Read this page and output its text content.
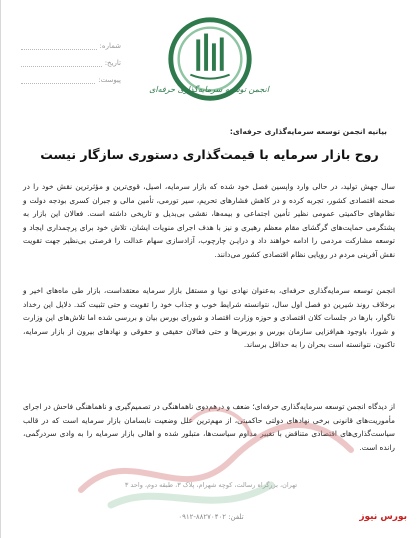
شماره:
تاریخ:
پیوست:
انجمن توسعه سرمایه‌گذاری حرفه‌ای
بیانیه انجمن توسعه سرمایه‌گذاری حرفه‌ای:
روح بازار سرمایه با قیمت‌گذاری دستوری سازگار نیست
سال جهش تولید، در حالی وارد واپسین فصل خود شده که بازار سرمایه، اصیل، قوی‌ترین و مؤثرترین نقش خود را در صحنه اقتصادی کشور، تجربه کرده و در کاهش فشارهای تحریم، سیر تورمی، تأمین مالی و جبران کسری بودجه دولت و نظام‌های حاکمیتی عمومی نظیر تأمین اجتماعی و بیمه‌ها، نقشی بی‌بدیل و تاریخی داشته است. فعالان این بازار به پشتگرمی حمایت‌های گرگشای مقام معظم رهبری و نیز با هدف اجرای منویات ایشان، تلاش خود برای پرچمداری ایجاد و توسعه مشارکت مردمی را ادامه خواهند داد و درایـن چارچوب، آزادسازی سهام عدالت را فرصتی بی‌نظیر جهت تقویت نقش آفرینی مردم در رویایی نظام اقتصادی کشور می‌دانند.
انجمن توسعه سرمایه‌گذاری حرفه‌ای، به‌عنوان نهادی نوپا و مستقل بازار سرمایه معتقداست، بازار طی ماه‌های اخیر و برخلاف روند شیرین دو فصل اول سال، نتوانسته شرایط خوب و جذاب خود را تقویت و حتی تثبیت کند. دلایل این رخداد ناگوار، بارها در جلسات کلان اقتصادی و حوزه وزارت اقتصاد و شورای بورس بیان و بررسی شده اما تلاش‌های این وزارت و شورا، باوجود هم‌افزایی سازمان بورس و بورس‌ها و حتی فعالان حقیقی و حقوقی و نهادهای بیرون از بازار سرمایه، تاکنون، نتوانسته است بحران را به حداقل برساند.
از دیدگاه انجمن توسعه سرمایه‌گذاری حرفه‌ای؛ ضعف و درهم‌دوی ناهماهنگی در تصمیم‌گیری و ناهماهنگی فاحش در اجرای مأموریت‌های قانونی برخی نهادهای دولتی حاکمیتی، از مهم‌ترین علل وضعیت نابسامان بازار سرمایه است که در قالب سیاست‌گذاری‌های اقتصادی متناقض با تغییر مداوم سیاست‌ها، متبلور شده و اهالی بازار سرمایه را به وادی سردرگمی، رانده است.
تهران، بزرگراه رسالت، کوچه شهرام، پلاک ۳، طبقه دوم، واحد ۳
تلفن: ۸۸۲۷۰۴۰۲-۰۹۱۲	بورس نیوز
